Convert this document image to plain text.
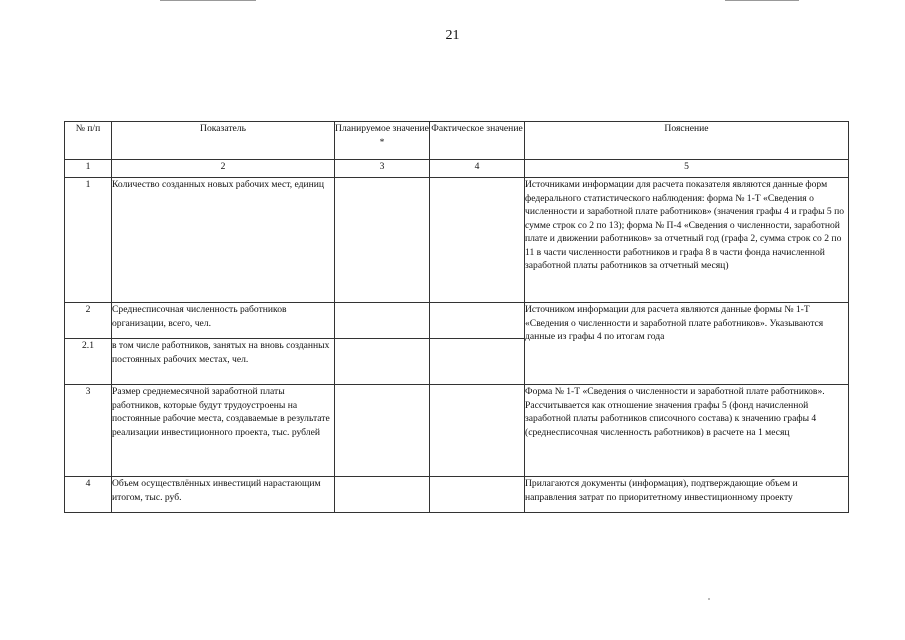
21
№ п/п	Показатель	Планируемое значение *	Фактическое значение	Пояснение
1	2	3	4	5
1	Количество созданных новых рабочих мест, единиц			Источниками информации для расчета показателя являются данные форм федерального статистического наблюдения: форма № 1-Т «Сведения о численности и заработной плате работников» (значения графы 4 и графы 5 по сумме строк со 2 по 13); форма № П-4 «Сведения о численности, заработной плате и движении работников» за отчетный год (графа 2, сумма строк со 2 по 11 в части численности работников и графа 8 в части фонда начисленной заработной платы работников за отчетный месяц)
2	Среднесписочная численность работников организации, всего, чел.			Источником информации для расчета являются данные формы № 1-Т «Сведения о численности и заработной плате работников». Указываются данные из графы 4 по итогам года
2.1	в том числе работников, занятых на вновь созданных постоянных рабочих местах, чел.			
3	Размер среднемесячной заработной платы работников, которые будут трудоустроены на постоянные рабочие места, создаваемые в результате реализации инвестиционного проекта, тыс. рублей			Форма № 1-Т «Сведения о численности и заработной плате работников». Рассчитывается как отношение значения графы 5 (фонд начисленной заработной платы работников списочного состава) к значению графы 4 (среднесписочная численность работников) в расчете на 1 месяц
4	Объем осуществлённых инвестиций нарастающим итогом, тыс. руб.			Прилагаются документы (информация), подтверждающие объем и направления затрат по приоритетному инвестиционному проекту
